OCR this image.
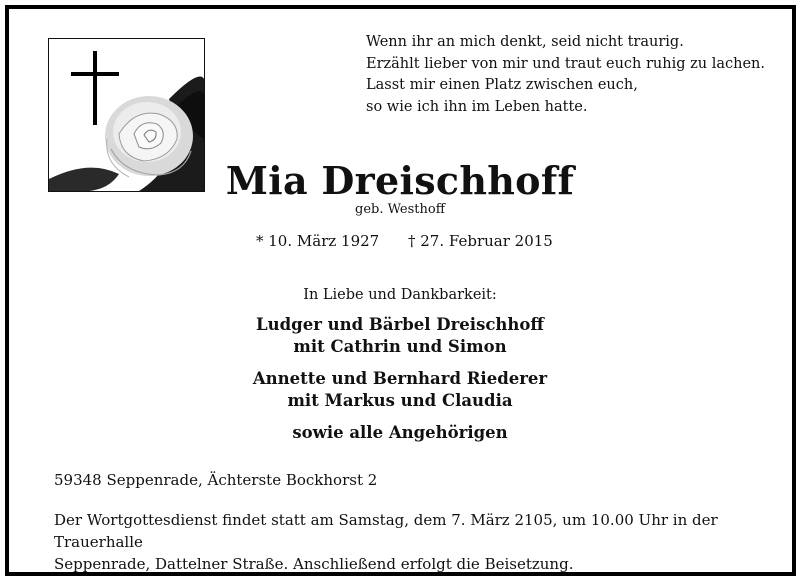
Wenn ihr an mich denkt, seid nicht traurig.
Erzählt lieber von mir und traut euch ruhig zu lachen.
Lasst mir einen Platz zwischen euch,
so wie ich ihn im Leben hatte.
Mia Dreischhoff
geb. Westhoff
* 10. März 1927 † 27. Februar 2015
In Liebe und Dankbarkeit:
Ludger und Bärbel Dreischhoff
mit Cathrin und Simon
Annette und Bernhard Riederer
mit Markus und Claudia
sowie alle Angehörigen
59348 Seppenrade, Ächterste Bockhorst 2
Der Wortgottesdienst findet statt am Samstag, dem 7. März 2105, um 10.00 Uhr in der Trauerhalle
Seppenrade, Dattelner Straße. Anschließend erfolgt die Beisetzung.
